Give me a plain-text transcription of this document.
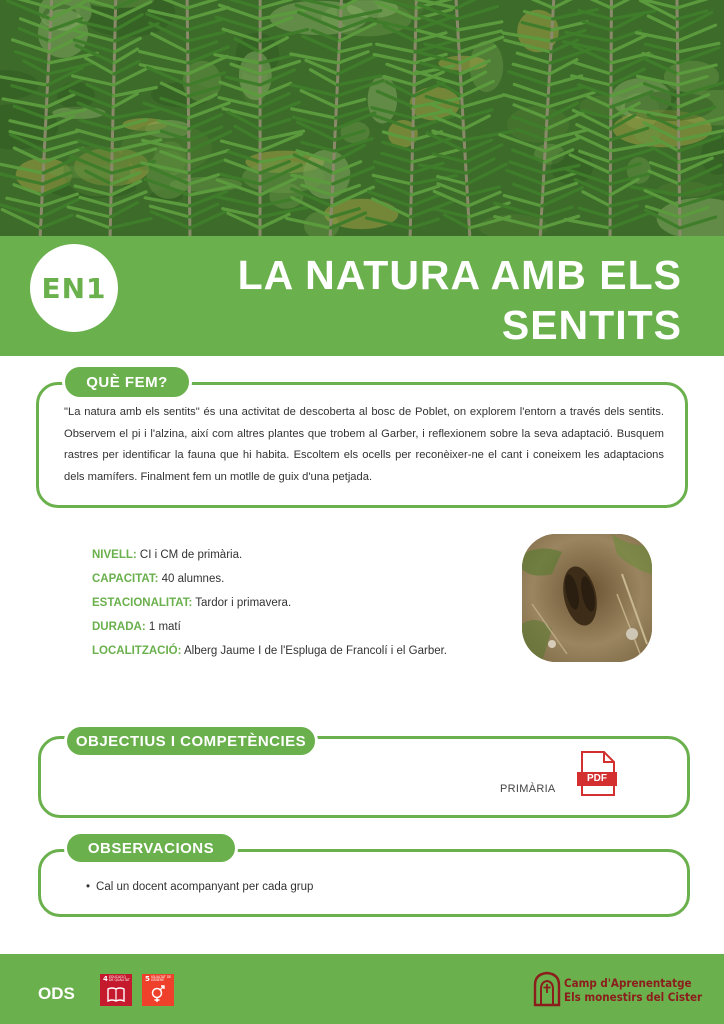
EN1	LA NATURA AMB ELS
SENTITS
QUÈ FEM?
"La natura amb els sentits" és una activitat de descoberta al bosc de Poblet, on explorem l'entorn a través dels sentits. Observem el pi i l'alzina, així com altres plantes que trobem al Garber, i reflexionem sobre la seva adaptació. Busquem rastres per identificar la fauna que hi habita. Escoltem els ocells per reconèixer-ne el cant i coneixem les adaptacions dels mamífers. Finalment fem un motlle de guix d'una petjada.
NIVELL: CI i CM de primària.
CAPACITAT: 40 alumnes.
ESTACIONALITAT: Tardor i primavera.
DURADA: 1 matí
LOCALITZACIÓ: Alberg Jaume I de l'Espluga de Francolí i el Garber.
OBJECTIUS I COMPETÈNCIES
PRIMÀRIA
PDF
OBSERVACIONS
• Cal un docent acompanyant per cada grup
ODS
4 EDUCACIÓ DE QUALITAT 5 IGUALTAT DE GÈNERE	Camp d'Aprenentatge
Els monestirs del Cister
